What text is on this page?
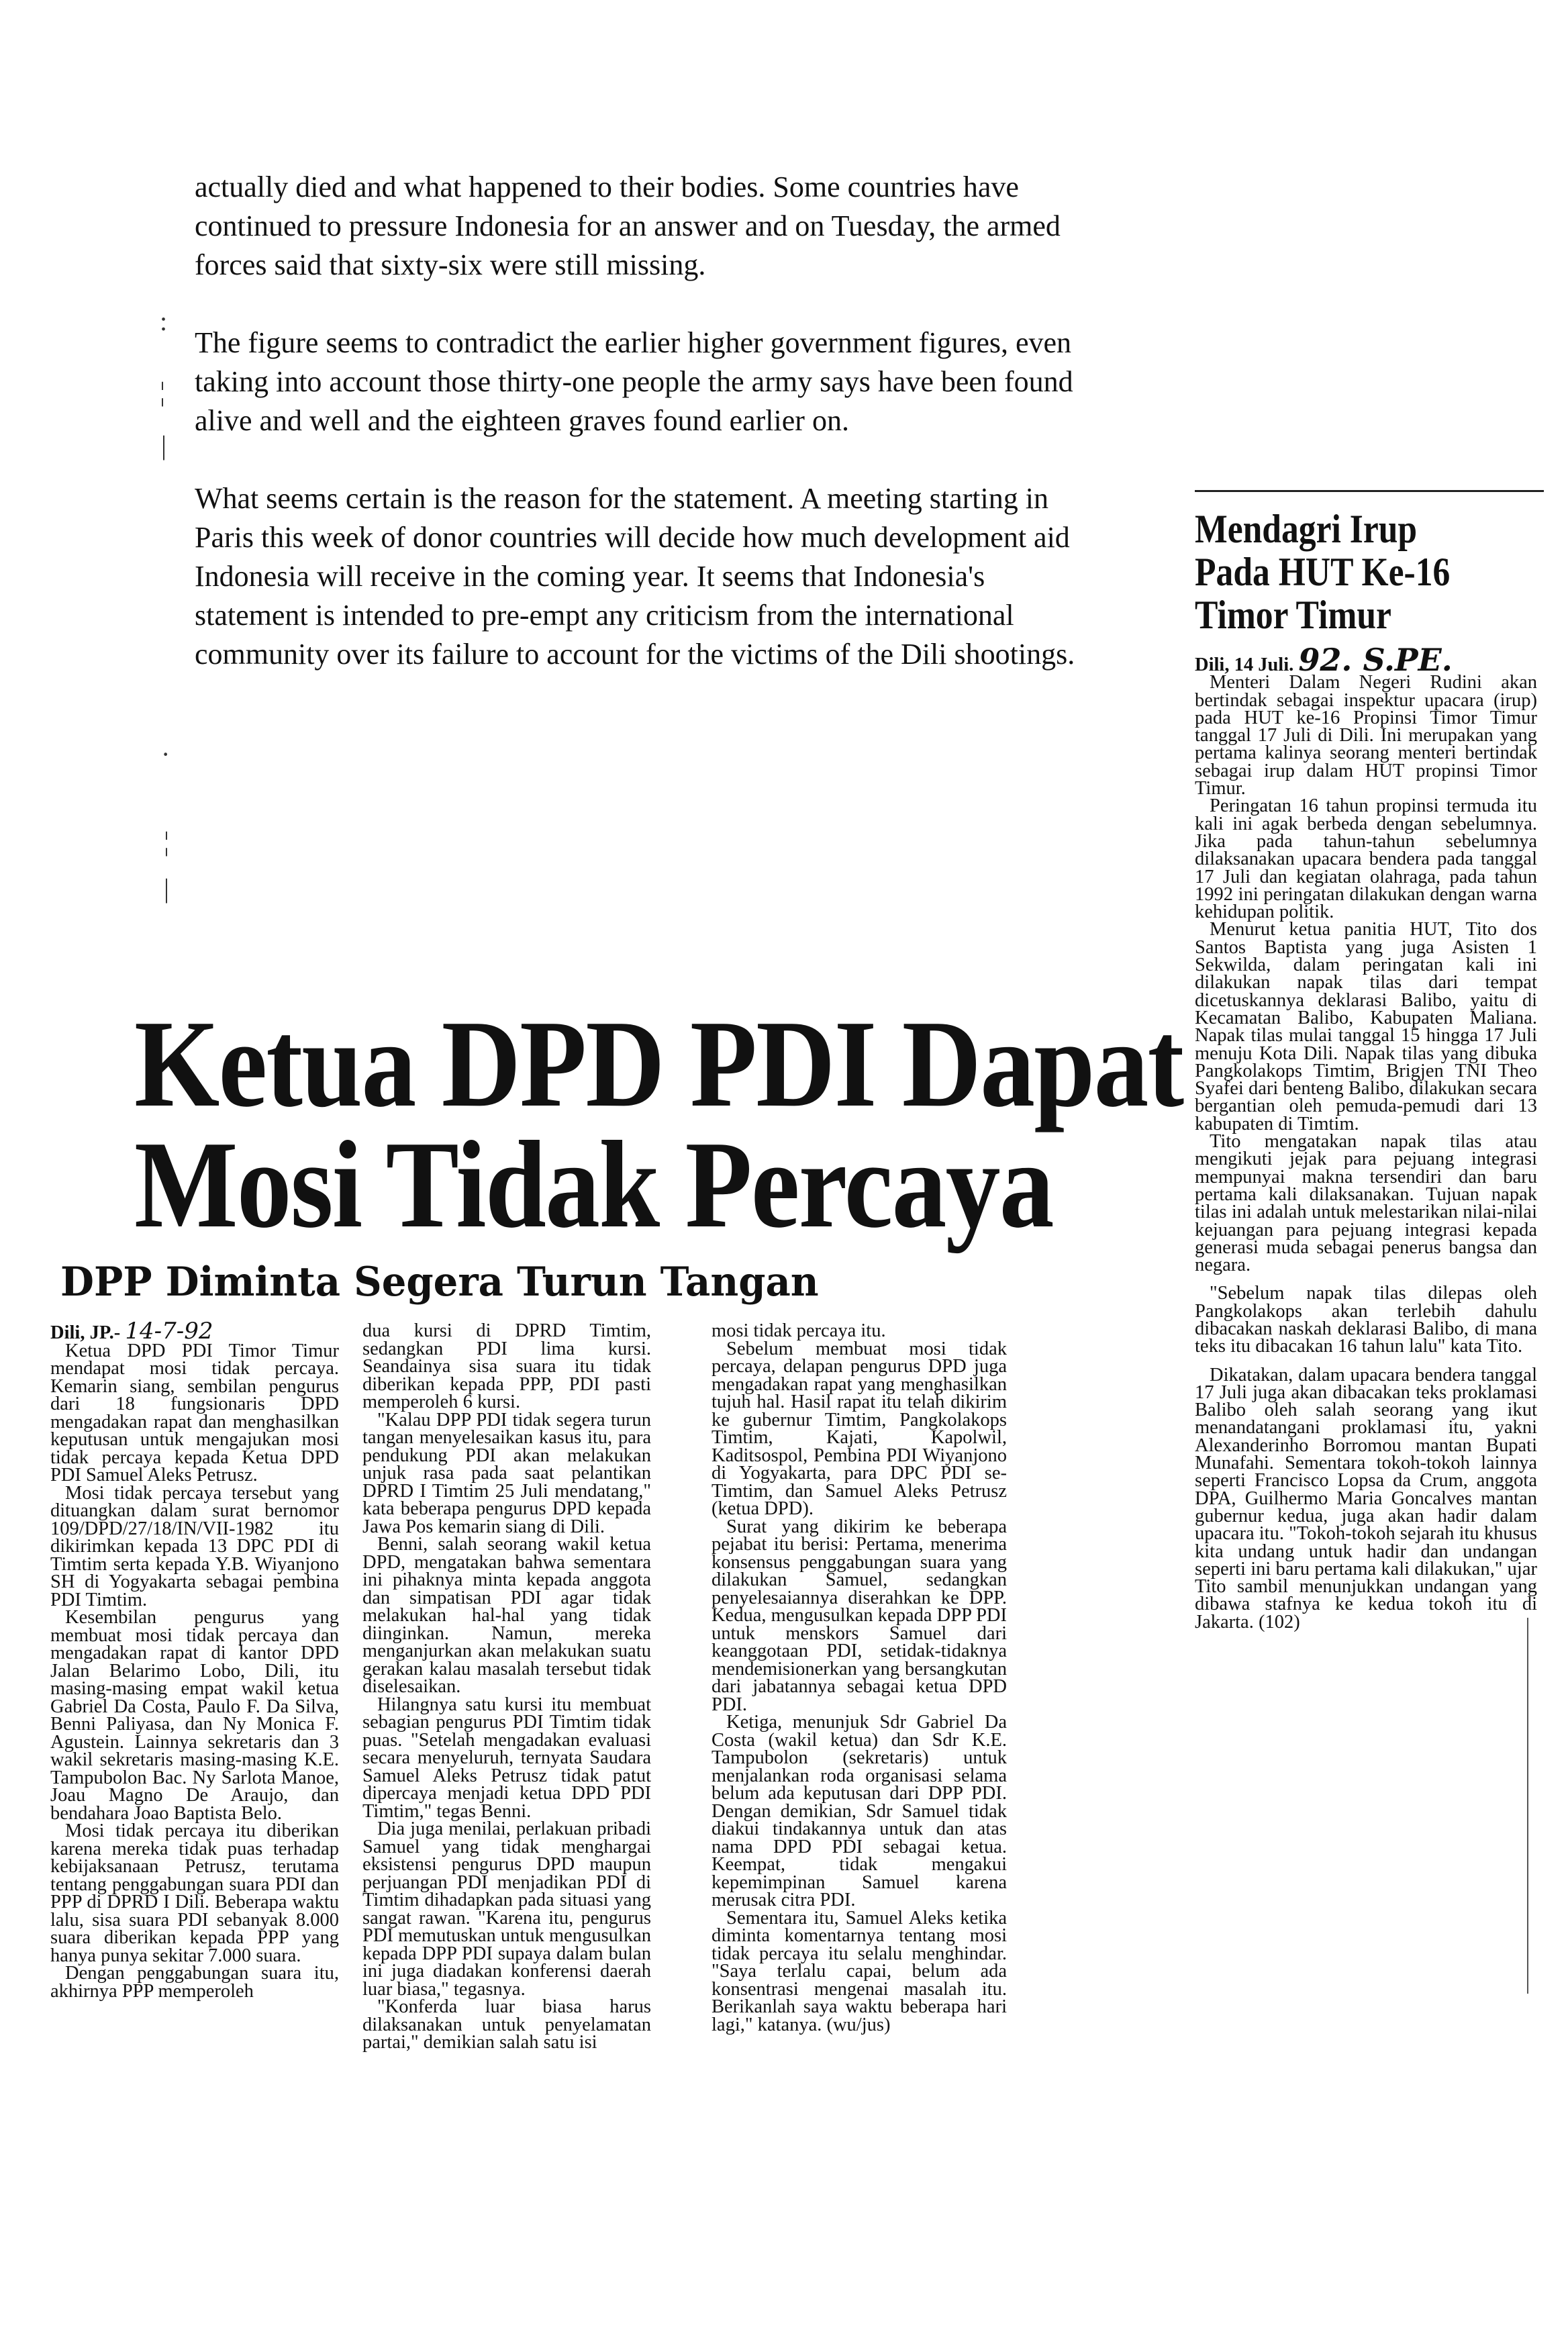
actually died and what happened to their bodies. Some countries have continued to pressure Indonesia for an answer and on Tuesday, the armed forces said that sixty-six were still missing.

The figure seems to contradict the earlier higher government figures, even taking into account those thirty-one people the army says have been found alive and well and the eighteen graves found earlier on.

What seems certain is the reason for the statement. A meeting starting in Paris this week of donor countries will decide how much development aid Indonesia will receive in the coming year. It seems that Indonesia's statement is intended to pre-empt any criticism from the international community over its failure to account for the victims of the Dili shootings.

:
¦
|
·
¦
|
Ketua DPD PDI Dapat
Mosi Tidak Percaya
DPP Diminta Segera Turun Tangan

Dili, JP.- 14-7-92

Ketua DPD PDI Timor Timur mendapat mosi tidak percaya. Kemarin siang, sembilan pengurus dari 18 fungsionaris DPD mengadakan rapat dan menghasilkan keputusan untuk mengajukan mosi tidak percaya kepada Ketua DPD PDI Samuel Aleks Petrusz.

Mosi tidak percaya tersebut yang dituangkan dalam surat bernomor 109/DPD/27/18/IN/VII-1982 itu dikirimkan kepada 13 DPC PDI di Timtim serta kepada Y.B. Wiyanjono SH di Yogyakarta sebagai pembina PDI Timtim.

Kesembilan pengurus yang membuat mosi tidak percaya dan mengadakan rapat di kantor DPD Jalan Belarimo Lobo, Dili, itu masing-masing empat wakil ketua Gabriel Da Costa, Paulo F. Da Silva, Benni Paliyasa, dan Ny Monica F. Agustein. Lainnya sekretaris dan 3 wakil sekretaris masing-masing K.E. Tampubolon Bac. Ny Sarlota Manoe, Joau Magno De Araujo, dan bendahara Joao Baptista Belo.

Mosi tidak percaya itu diberikan karena mereka tidak puas terhadap kebijaksanaan Petrusz, terutama tentang penggabungan suara PDI dan PPP di DPRD I Dili. Beberapa waktu lalu, sisa suara PDI sebanyak 8.000 suara diberikan kepada PPP yang hanya punya sekitar 7.000 suara.

Dengan penggabungan suara itu, akhirnya PPP memperoleh

dua kursi di DPRD Timtim, sedangkan PDI lima kursi. Seandainya sisa suara itu tidak diberikan kepada PPP, PDI pasti memperoleh 6 kursi.

"Kalau DPP PDI tidak segera turun tangan menyelesaikan kasus itu, para pendukung PDI akan melakukan unjuk rasa pada saat pelantikan DPRD I Timtim 25 Juli mendatang," kata beberapa pengurus DPD kepada Jawa Pos kemarin siang di Dili.

Benni, salah seorang wakil ketua DPD, mengatakan bahwa sementara ini pihaknya minta kepada anggota dan simpatisan PDI agar tidak melakukan hal-hal yang tidak diinginkan. Namun, mereka menganjurkan akan melakukan suatu gerakan kalau masalah tersebut tidak diselesaikan.

Hilangnya satu kursi itu membuat sebagian pengurus PDI Timtim tidak puas. "Setelah mengadakan evaluasi secara menyeluruh, ternyata Saudara Samuel Aleks Petrusz tidak patut dipercaya menjadi ketua DPD PDI Timtim," tegas Benni.

Dia juga menilai, perlakuan pribadi Samuel yang tidak menghargai eksistensi pengurus DPD maupun perjuangan PDI menjadikan PDI di Timtim dihadapkan pada situasi yang sangat rawan. "Karena itu, pengurus PDI memutuskan untuk mengusulkan kepada DPP PDI supaya dalam bulan ini juga diadakan konferensi daerah luar biasa," tegasnya.

"Konferda luar biasa harus dilaksanakan untuk penyelamatan partai," demikian salah satu isi

mosi tidak percaya itu.

Sebelum membuat mosi tidak percaya, delapan pengurus DPD juga mengadakan rapat yang menghasilkan tujuh hal. Hasil rapat itu telah dikirim ke gubernur Timtim, Pangkolakops Timtim, Kajati, Kapolwil, Kaditsospol, Pembina PDI Wiyanjono di Yogyakarta, para DPC PDI se-Timtim, dan Samuel Aleks Petrusz (ketua DPD).

Surat yang dikirim ke beberapa pejabat itu berisi: Pertama, menerima konsensus penggabungan suara yang dilakukan Samuel, sedangkan penyelesaiannya diserahkan ke DPP. Kedua, mengusulkan kepada DPP PDI untuk menskors Samuel dari keanggotaan PDI, setidak-tidaknya mendemisionerkan yang bersangkutan dari jabatannya sebagai ketua DPD PDI.

Ketiga, menunjuk Sdr Gabriel Da Costa (wakil ketua) dan Sdr K.E. Tampubolon (sekretaris) untuk menjalankan roda organisasi selama belum ada keputusan dari DPP PDI. Dengan demikian, Sdr Samuel tidak diakui tindakannya untuk dan atas nama DPD PDI sebagai ketua. Keempat, tidak mengakui kepemimpinan Samuel karena merusak citra PDI.

Sementara itu, Samuel Aleks ketika diminta komentarnya tentang mosi tidak percaya itu selalu menghindar. "Saya terlalu capai, belum ada konsentrasi mengenai masalah itu. Berikanlah saya waktu beberapa hari lagi," katanya. (wu/jus)

Mendagri Irup
Pada HUT Ke-16
Timor Timur

Dili, 14 Juli. 92. S.PE.

Menteri Dalam Negeri Rudini akan bertindak sebagai inspektur upacara (irup) pada HUT ke-16 Propinsi Timor Timur tanggal 17 Juli di Dili. Ini merupakan yang pertama kalinya seorang menteri bertindak sebagai irup dalam HUT propinsi Timor Timur.

Peringatan 16 tahun propinsi termuda itu kali ini agak berbeda dengan sebelumnya. Jika pada tahun-tahun sebelumnya dilaksanakan upacara bendera pada tanggal 17 Juli dan kegiatan olahraga, pada tahun 1992 ini peringatan dilakukan dengan warna kehidupan politik.

Menurut ketua panitia HUT, Tito dos Santos Baptista yang juga Asisten 1 Sekwilda, dalam peringatan kali ini dilakukan napak tilas dari tempat dicetuskannya deklarasi Balibo, yaitu di Kecamatan Balibo, Kabupaten Maliana. Napak tilas mulai tanggal 15 hingga 17 Juli menuju Kota Dili. Napak tilas yang dibuka Pangkolakops Timtim, Brigjen TNI Theo Syafei dari benteng Balibo, dilakukan secara bergantian oleh pemuda-pemudi dari 13 kabupaten di Timtim.

Tito mengatakan napak tilas atau mengikuti jejak para pejuang integrasi mempunyai makna tersendiri dan baru pertama kali dilaksanakan. Tujuan napak tilas ini adalah untuk melestarikan nilai-nilai kejuangan para pejuang integrasi kepada generasi muda sebagai penerus bangsa dan negara.

"Sebelum napak tilas dilepas oleh Pangkolakops akan terlebih dahulu dibacakan naskah deklarasi Balibo, di mana teks itu dibacakan 16 tahun lalu" kata Tito.

Dikatakan, dalam upacara bendera tanggal 17 Juli juga akan dibacakan teks proklamasi Balibo oleh salah seorang yang ikut menandatangani proklamasi itu, yakni Alexanderinho Borromou mantan Bupati Munafahi. Sementara tokoh-tokoh lainnya seperti Francisco Lopsa da Crum, anggota DPA, Guilhermo Maria Goncalves mantan gubernur kedua, juga akan hadir dalam upacara itu. "Tokoh-tokoh sejarah itu khusus kita undang untuk hadir dan undangan seperti ini baru pertama kali dilakukan," ujar Tito sambil menunjukkan undangan yang dibawa stafnya ke kedua tokoh itu di Jakarta. (102)
